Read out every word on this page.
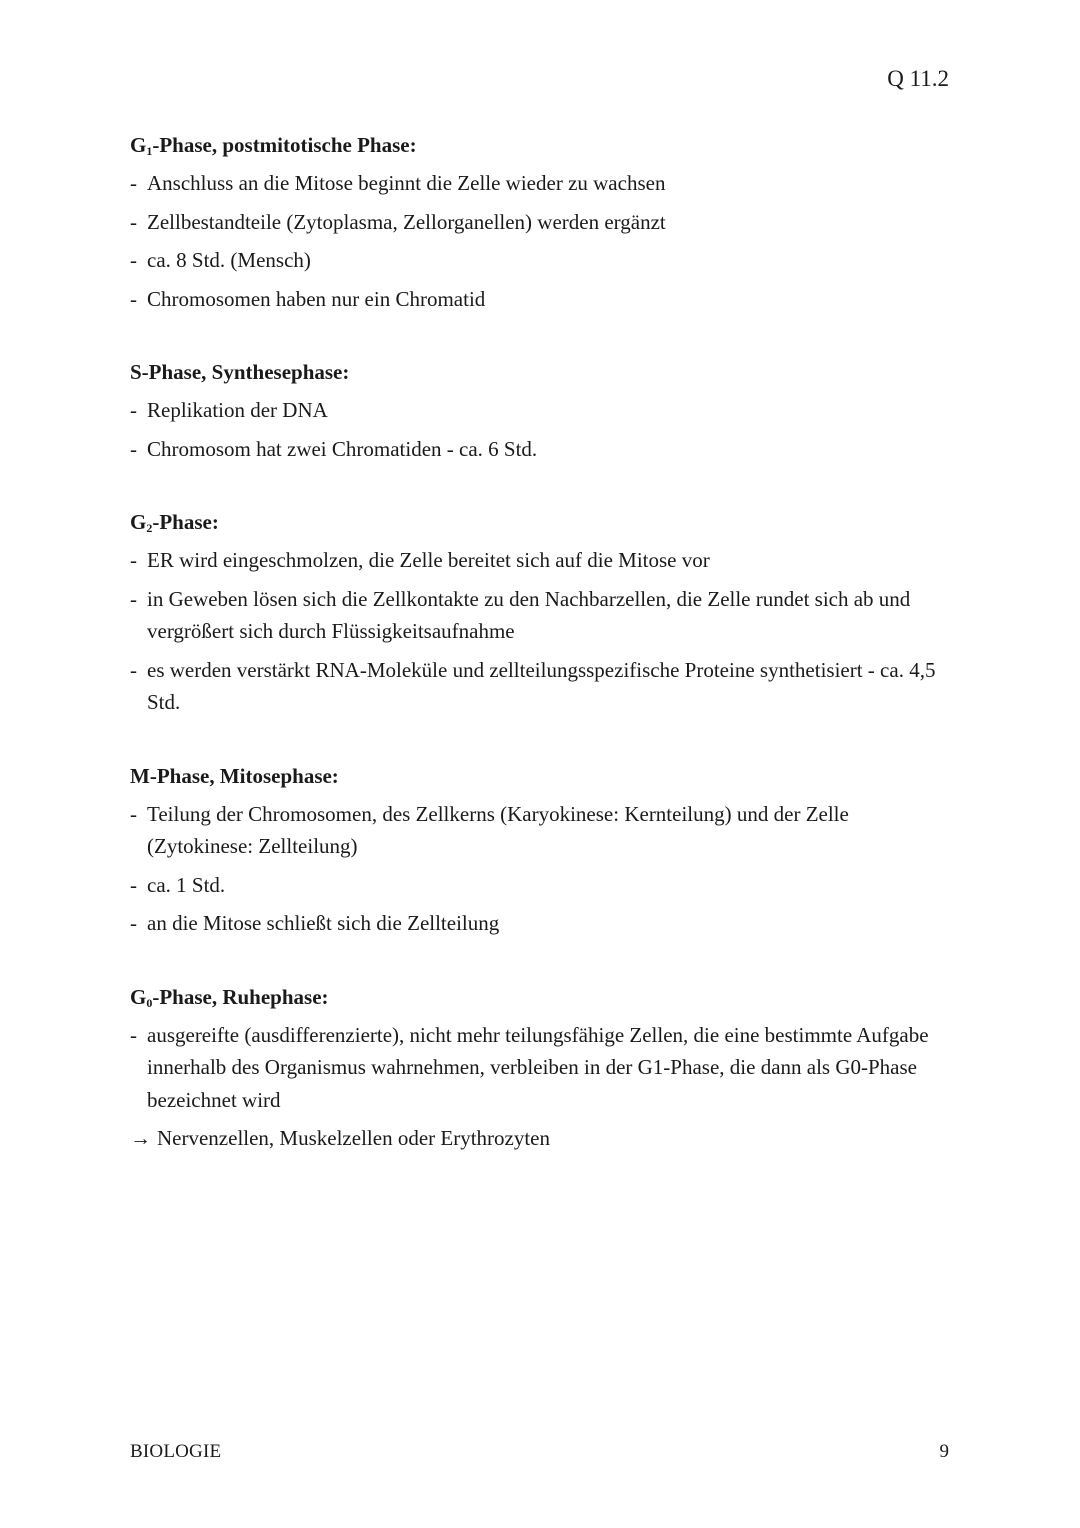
Q 11.2
$G_1$-Phase, postmitotische Phase:
- Anschluss an die Mitose beginnt die Zelle wieder zu wachsen
- Zellbestandteile (Zytoplasma, Zellorganellen) werden ergänzt
- ca. 8 Std. (Mensch)
- Chromosomen haben nur ein Chromatid
S-Phase, Synthesephase:
- Replikation der DNA
- Chromosom hat zwei Chromatiden - ca. 6 Std.
$G_2$-Phase:
- ER wird eingeschmolzen, die Zelle bereitet sich auf die Mitose vor
- in Geweben lösen sich die Zellkontakte zu den Nachbarzellen, die Zelle rundet sich ab und vergrößert sich durch Flüssigkeitsaufnahme
- es werden verstärkt RNA-Moleküle und zellteilungsspezifische Proteine synthetisiert - ca. 4,5 Std.
M-Phase, Mitosephase:
- Teilung der Chromosomen, des Zellkerns (Karyokinese: Kernteilung) und der Zelle (Zytokinese: Zellteilung)
- ca. 1 Std.
- an die Mitose schließt sich die Zellteilung
$G_0$-Phase, Ruhephase:
- ausgereifte (ausdifferenzierte), nicht mehr teilungsfähige Zellen, die eine bestimmte Aufgabe innerhalb des Organismus wahrnehmen, verbleiben in der G1-Phase, die dann als G0-Phase bezeichnet wird
→ Nervenzellen, Muskelzellen oder Erythrozyten
BIOLOGIE	9
